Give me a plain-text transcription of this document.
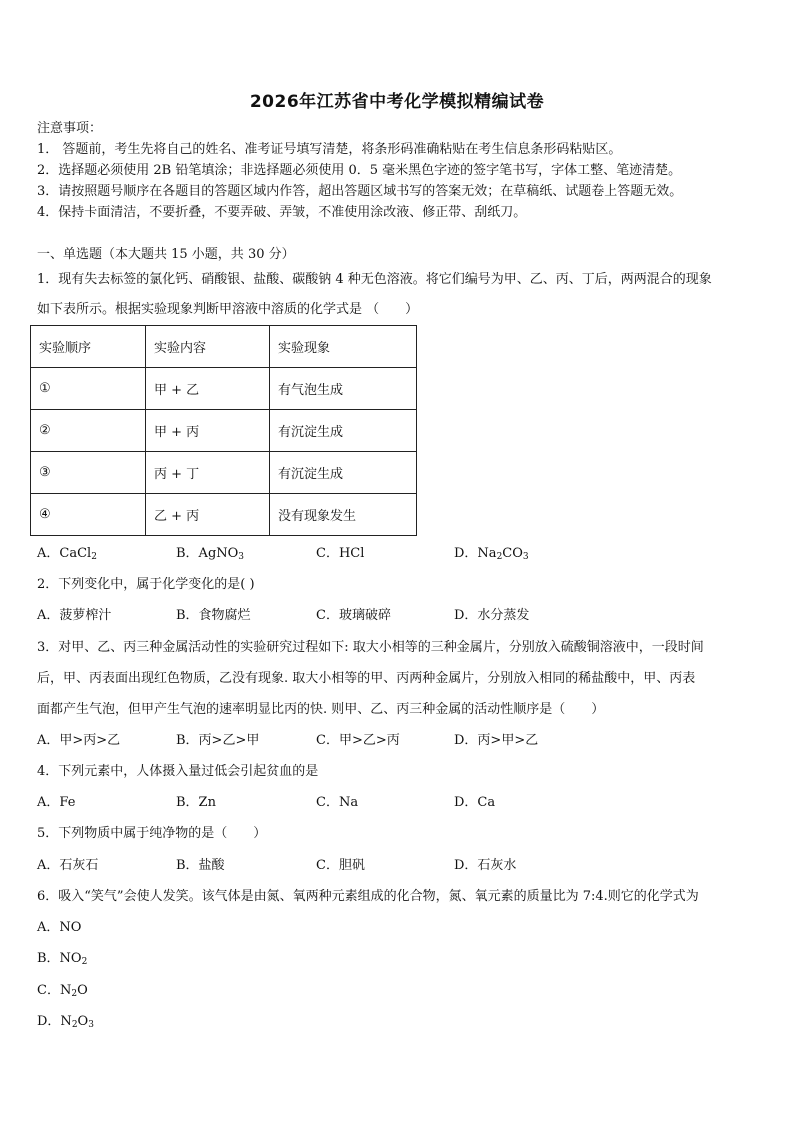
2026年江苏省中考化学模拟精编试卷
注意事项：
1． 答题前，考生先将自己的姓名、准考证号填写清楚，将条形码准确粘贴在考生信息条形码粘贴区。
2．选择题必须使用 2B 铅笔填涂；非选择题必须使用 0．5 毫米黑色字迹的签字笔书写，字体工整、笔迹清楚。
3．请按照题号顺序在各题目的答题区域内作答，超出答题区域书写的答案无效；在草稿纸、试题卷上答题无效。
4．保持卡面清洁，不要折叠，不要弄破、弄皱，不准使用涂改液、修正带、刮纸刀。
一、单选题（本大题共 15 小题，共 30 分）
1．现有失去标签的氯化钙、硝酸银、盐酸、碳酸钠 4 种无色溶液。将它们编号为甲、乙、丙、丁后，两两混合的现象
如下表所示。根据实验现象判断甲溶液中溶质的化学式是 （　　）
实验顺序	实验内容	实验现象
①	甲 + 乙	有气泡生成
②	甲 + 丙	有沉淀生成
③	丙 + 丁	有沉淀生成
④	乙 + 丙	没有现象发生
A．CaCl$_2$	B．AgNO$_3$	C．HCl	D．$Na_2CO_3$
2．下列变化中，属于化学变化的是( )
A．菠萝榨汁	B．食物腐烂	C．玻璃破碎	D．水分蒸发
3．对甲、乙、丙三种金属活动性的实验研究过程如下: 取大小相等的三种金属片，分别放入硫酸铜溶液中，一段时间
后，甲、丙表面出现红色物质，乙没有现象. 取大小相等的甲、丙两种金属片，分别放入相同的稀盐酸中，甲、丙表
面都产生气泡，但甲产生气泡的速率明显比丙的快. 则甲、乙、丙三种金属的活动性顺序是（　　）
A．甲>丙>乙	B．丙>乙>甲	C．甲>乙>丙	D．丙>甲>乙
4．下列元素中，人体摄入量过低会引起贫血的是
A．Fe	B．Zn	C．Na	D．Ca
5．下列物质中属于纯净物的是（　　）
A．石灰石	B．盐酸	C．胆矾	D．石灰水
6．吸入“笑气”会使人发笑。该气体是由氮、氧两种元素组成的化合物，氮、氧元素的质量比为 7:4.则它的化学式为
A．NO
B．$NO_2$
C．$N_2O$
D．$N_2O_3$
